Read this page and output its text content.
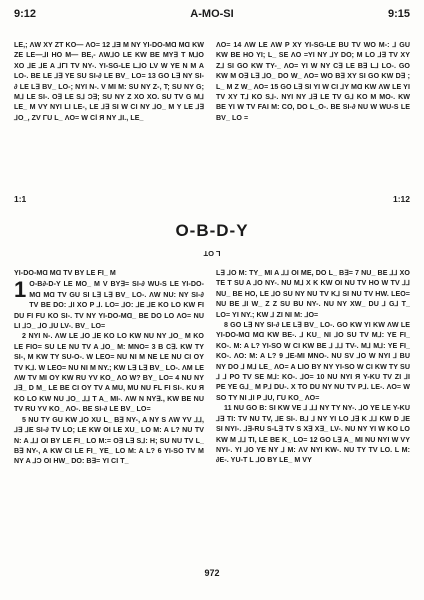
9:12	A-MO-SI	9:15

LE,; ΛW XY ZT KO— ΛO= 12 ⅃Ǝ M NY YI-DO-MⱭ MⱭ KW ZE LE—⅃I HO M— BE,- ΛW⅃O LE KW BE MY∃ T M⅃O XO ⅃E ⅃E A ⅃ΓI TV NY-. YI-SG-LE L⅃O LV W YE N M A LO-. BE LE ⅃∃ YE SU SI-∂ LE BV_ LO= 13 GO L∃ NY SI-∂ LE L∃ BV_ LO-; NYI N-. V MI M: SU NY Z-, T; SU NY G; M⅃ LE SI-. O∃ LE S⅃ Ɔ∃; SU NY Z XO XO. SU TV G M⅃ LE_ M VY NYI LI LE-, LE ⅃∃ SI W CI NY ⅃O_ M Y LE ⅃∃ ⅃O_, ZV ΓU L_ ΛO= W Cl Я NY ⅃I., LE_

ΛO= 14 ΛW LE ΛW P XY YI-SG-LE BU TV WO M-: ⅃ GU KW BE HO YI; L_ SE ΛO =YI NY ⅃Y DO; M LO ⅃∃ TV XY Z⅃ SI GO KW TY-_ ΛO= YI W NY C∃ LE B∃ L⅃ LO-. GO KW M O∃ L∃ ⅃O_ DO W_ ΛO= WO B∃ XY SI GO KW D∃ ; L_ M Z W_ ΛO= 15 GO L∃ SI YI W CI ⅃Y MⱭ KW ΛW LE YI TV XY T⅃ KO S⅃-. NYI NY ⅃∃ LE TV G⅃ KO M MO-. KW BE YI W TV FAI M: CO, DO L_O-. BE SI-∂ NU W WU-S LE BV_ LO =

1:1	1:12
O-B-D-Y
L OT
YI-DO-MⱭ MⱭ TV BY LE FI_ M
1 O-B∂-D-Y LE MO_ M V BY∃= SI-∂ WU-S LE YI-DO-MⱭ MⱭ TV GU SI L∃ L∃ BV_ LO-. ΛW NU: NY SI-∂ TV BE DO: ⅃I XO P ⅃. LO= ⅃O: ⅃E ⅃E KO LO KW FI DU FI FU KO SI-. TV NY YI-DO-MⱭ_ BE DO LO ΛO= NU LI ⅃Ɔ_ ⅃O ⅃U LV-. BV_ LO=

2 NYI N-. ΛW LE ⅃O ⅃E KO LO KW NU NY ⅃O_ M KO LE FIO= SU LE NU TV A ⅃O_ M: MNO= 3 B C∃. KW TY SI-, M KW TY SU-O-. W LEO= NU NI M NE LE NU CI OY TV K⅃. W LEO= NU NI M NY.; KW L∃ L∃ BV_ LO-. ΛM LE ΛW TV MI OY KW RU YV KO_ ΛO W? BY_ LO= 4 NU NY ⅃∃_ D M_ LE BE CI OY TV A MU, MU NU FL FI SI-. KU Я KO LO KW NU ⅃O_ ⅃⅃ T A_ MI-. ΛW N NY∃., KW BE NU TV RU YV KO_ ΛO-. BE SI-∂ LE BV_ LO=

5 NU TY GU KW ⅃O XU L_ B∃ NY-, A NY S ΛW YV ⅃⅃, ⅃∃ ⅃E SI-∂ TV LO; LE KW OI LE XU_ LO M: A L? NU TV N: A ⅃⅃ OI BY LE FI_ LO M:= O∃ L∃ S⅃: H; SU NU TV L_ B∃ NY-, A KW CI LE FI_ YE_ LO M: A L? 6 YI-SO TV M NY A ⅃Ɔ OI HW_ DO: B∃= YI CI T_

L∃ ⅃O M: TY_ MI A ⅃⅃ OI ME, DO L_ B∃= 7 NU_ BE ⅃⅃ XO TE T SU A ⅃O NY-. NU M⅃ X K KW OI NU TV HO W TV ⅃⅃ NU_ BE HO, LE ⅃O SU NY NU TV K⅃ SI NU TV HW. LEO= NU BE ⅃I W_ Z Z SU BU NY-. NU NY XW_ DU ⅃ G⅃ T_ LO= YI NY.; KW ⅃ ZI NI M: ⅃O=

8 GO L∃ NY SI-∂ LE L∃ BV_ LO-. GO KW YI KW ΛW LE YI-DO-MⱭ MⱭ KW BE-. ⅃ KU_ NI ⅃O SU TV M⅃: YE FI_ KO-. M: A L? YI-SO W CI KW BE ⅃ ⅃⅃ TV-. M⅃ M⅃: YE FI_ KO-. ΛO: M: A L? 9 ⅃E-MI MNO-. NU SV ⅃O W NYI ⅃ BU NY DO ⅃ M⅃ LE_ ΛO= A LIO BY NY YI-SO W CI KW TY SU ⅃ ⅃ PO TV SE M⅃: KO-. ⅃O= 10 NU NYI Я Y-KU TV ZI ⅃I PE YE G⅃_ M P⅃ DU-. X TO DU NY NU TV P⅃. LE-. ΛO= W SO TY NI ⅃I P ⅃U, ΓU KO_ ΛO=

11 NU GO B: SI KW VE ⅃ ⅃⅃ NY TY NY-. ⅃O YE LE Y-KU ⅃∃ TI: TV NU TV, ⅃E SI-. B⅃ ⅃ NY YI LO ⅃∃ K ⅃⅃ KW D ⅃E SI NYI-. ⅃∃-RU S-L∃ TV S X∃ X∃_ LV-. NU NY YI W KO LO KW M ⅃⅃ TI, LE BE K_ LO= 12 GO L∃ A_ MI NU NYI W VY NYI-. YI ⅃O YE NY ⅃ M: ΛV NYI KW-. NU TY TV LO. L M: ∂E-. YU-T L ⅃O BY LE_ M VY

972
